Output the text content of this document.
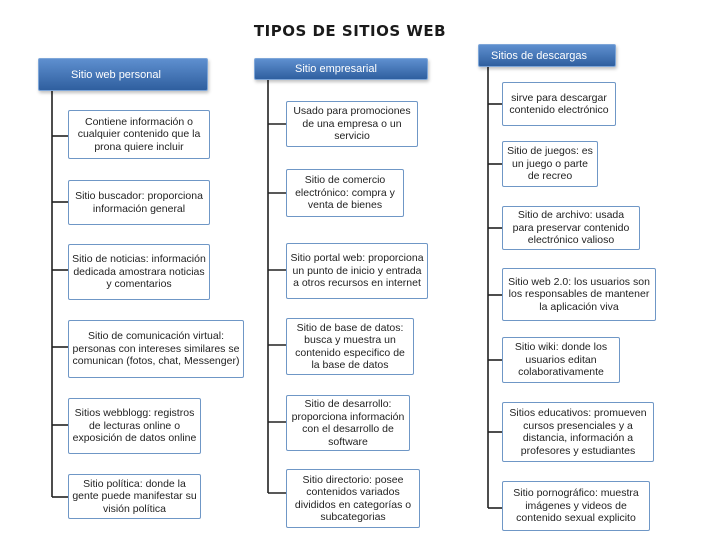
TIPOS DE SITIOS WEB
Sitio web personal
Contiene información o cualquier contenido que la prona quiere incluir
Sitio buscador: proporciona información general
Sitio de noticias: información dedicada amostrara noticias y comentarios
Sitio de comunicación virtual: personas con intereses similares se comunican (fotos, chat, Messenger)
Sitios webblogg: registros de lecturas online o exposición de datos online
Sitio política: donde la gente puede manifestar su visión política
Sitio empresarial
Usado para promociones de una empresa o un servicio
Sitio de comercio electrónico: compra y venta de bienes
Sitio portal web: proporciona un punto de inicio y entrada a otros recursos en internet
Sitio de base de datos: busca y muestra un contenido especifico de la base de datos
Sitio de desarrollo: proporciona información con el desarrollo de software
Sitio directorio: posee contenidos variados divididos en categorías o subcategorias
Sitios de descargas
sirve para descargar contenido electrónico
Sitio de juegos: es un juego o parte de recreo
Sitio de archivo: usada para preservar contenido electrónico valioso
Sitio web 2.0: los usuarios son los responsables de mantener la aplicación viva
Sitio wiki: donde los usuarios editan colaborativamente
Sitios educativos: promueven cursos presenciales y a distancia, información a profesores y estudiantes
Sitio pornográfico: muestra imágenes y videos de contenido sexual explicito
